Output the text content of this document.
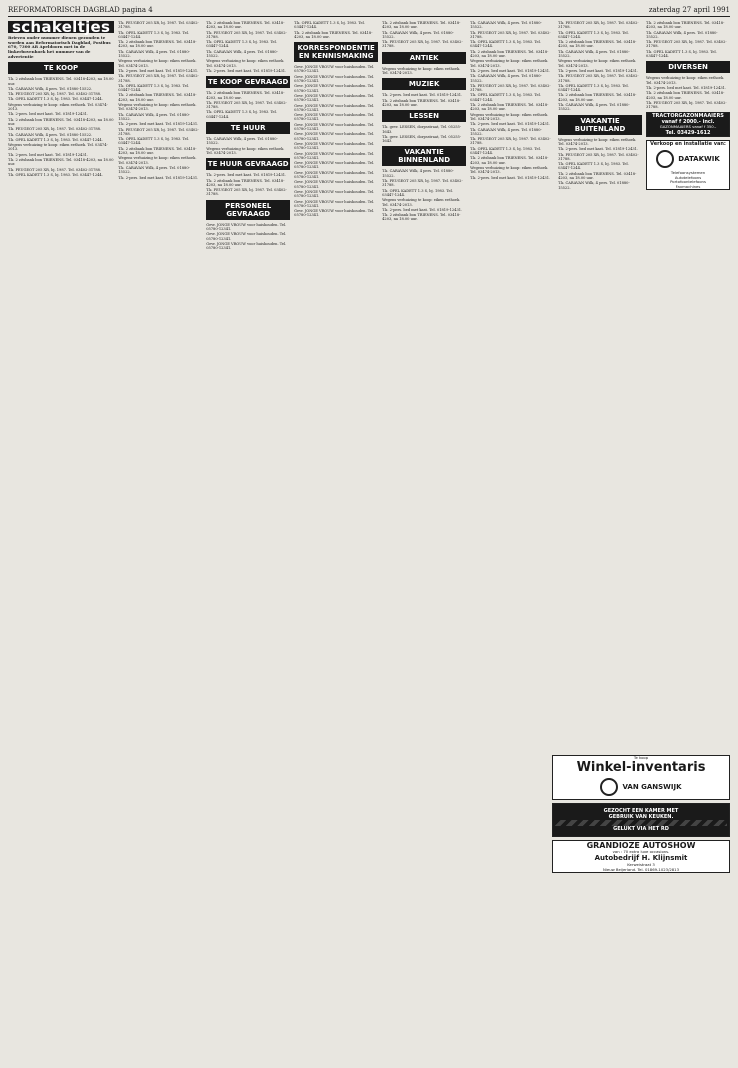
REFORMATORISCH DAGBLAD pagina 4	zaterdag 27 april 1991
schakeltjes
Brieven onder nummer dienen gezonden te worden aan Reformatorisch Dagblad, Postbus 670, 7300 AR Apeldoorn met in de linkerbovenhoek het nummer van de advertentie
TE KOOP

T.k. 2 zitsbank bon TRIENENS. Tel. 03418-4203, na 18.00 uur.

T.k. CARAVAN Wilk, 4 pers. Tel. 01880-15522.

T.k. PEUGEOT 205 XR, bj. 1987. Tel. 03402-31788.

T.k. OPEL KADETT 1.3 S, bj. 1983. Tel. 03447-1244.

Wegens verhuizing te koop: eiken eethoek. Tel. 03474-2013.

T.k. 2-pers. bed met kast. Tel. 01819-12431.

T.k. 2 zitsbank bon TRIENENS. Tel. 03418-4203, na 18.00 uur.

T.k. PEUGEOT 205 XR, bj. 1987. Tel. 03402-31788.

T.k. CARAVAN Wilk, 4 pers. Tel. 01880-15522.

T.k. OPEL KADETT 1.3 S, bj. 1983. Tel. 03447-1244.

Wegens verhuizing te koop: eiken eethoek. Tel. 03474-2013.

T.k. 2-pers. bed met kast. Tel. 01819-12431.

T.k. 2 zitsbank bon TRIENENS. Tel. 03418-4203, na 18.00 uur.

T.k. PEUGEOT 205 XR, bj. 1987. Tel. 03402-31788.

T.k. OPEL KADETT 1.3 S, bj. 1983. Tel. 03447-1244.

T.k. PEUGEOT 205 XR, bj. 1987. Tel. 03402-31788.

T.k. OPEL KADETT 1.3 S, bj. 1983. Tel. 03447-1244.

T.k. 2 zitsbank bon TRIENENS. Tel. 03418-4203, na 18.00 uur.

T.k. CARAVAN Wilk, 4 pers. Tel. 01880-15522.

Wegens verhuizing te koop: eiken eethoek. Tel. 03474-2013.

T.k. 2-pers. bed met kast. Tel. 01819-12431.

T.k. PEUGEOT 205 XR, bj. 1987. Tel. 03402-31788.

T.k. OPEL KADETT 1.3 S, bj. 1983. Tel. 03447-1244.

T.k. 2 zitsbank bon TRIENENS. Tel. 03418-4203, na 18.00 uur.

Wegens verhuizing te koop: eiken eethoek. Tel. 03474-2013.

T.k. CARAVAN Wilk, 4 pers. Tel. 01880-15522.

T.k. 2-pers. bed met kast. Tel. 01819-12431.

T.k. PEUGEOT 205 XR, bj. 1987. Tel. 03402-31788.

T.k. OPEL KADETT 1.3 S, bj. 1983. Tel. 03447-1244.

T.k. 2 zitsbank bon TRIENENS. Tel. 03418-4203, na 18.00 uur.

Wegens verhuizing te koop: eiken eethoek. Tel. 03474-2013.

T.k. CARAVAN Wilk, 4 pers. Tel. 01880-15522.

T.k. 2-pers. bed met kast. Tel. 01819-12431.

T.k. 2 zitsbank bon TRIENENS. Tel. 03418-4203, na 18.00 uur.

T.k. PEUGEOT 205 XR, bj. 1987. Tel. 03402-31788.

T.k. OPEL KADETT 1.3 S, bj. 1983. Tel. 03447-1244.

T.k. CARAVAN Wilk, 4 pers. Tel. 01880-15522.

Wegens verhuizing te koop: eiken eethoek. Tel. 03474-2013.

T.k. 2-pers. bed met kast. Tel. 01819-12431.

TE KOOP GEVRAAGD

T.k. 2 zitsbank bon TRIENENS. Tel. 03418-4203, na 18.00 uur.

T.k. PEUGEOT 205 XR, bj. 1987. Tel. 03402-31788.

T.k. OPEL KADETT 1.3 S, bj. 1983. Tel. 03447-1244.

TE HUUR

T.k. CARAVAN Wilk, 4 pers. Tel. 01880-15522.

Wegens verhuizing te koop: eiken eethoek. Tel. 03474-2013.

TE HUUR GEVRAAGD

T.k. 2-pers. bed met kast. Tel. 01819-12431.

T.k. 2 zitsbank bon TRIENENS. Tel. 03418-4203, na 18.00 uur.

T.k. PEUGEOT 205 XR, bj. 1987. Tel. 03402-31788.

PERSONEEL GEVRAAGD

Gevr. JONGE VROUW voor huishouden. Tel. 05780-12341.

Gevr. JONGE VROUW voor huishouden. Tel. 05780-12341.

Gevr. JONGE VROUW voor huishouden. Tel. 05780-12341.

T.k. OPEL KADETT 1.3 S, bj. 1983. Tel. 03447-1244.

T.k. 2 zitsbank bon TRIENENS. Tel. 03418-4203, na 18.00 uur.

KORRESPONDENTIE EN KENNISMAKING

Gevr. JONGE VROUW voor huishouden. Tel. 05780-12341.

Gevr. JONGE VROUW voor huishouden. Tel. 05780-12341.

Gevr. JONGE VROUW voor huishouden. Tel. 05780-12341.

Gevr. JONGE VROUW voor huishouden. Tel. 05780-12341.

Gevr. JONGE VROUW voor huishouden. Tel. 05780-12341.

Gevr. JONGE VROUW voor huishouden. Tel. 05780-12341.

Gevr. JONGE VROUW voor huishouden. Tel. 05780-12341.

Gevr. JONGE VROUW voor huishouden. Tel. 05780-12341.

Gevr. JONGE VROUW voor huishouden. Tel. 05780-12341.

Gevr. JONGE VROUW voor huishouden. Tel. 05780-12341.

Gevr. JONGE VROUW voor huishouden. Tel. 05780-12341.

Gevr. JONGE VROUW voor huishouden. Tel. 05780-12341.

Gevr. JONGE VROUW voor huishouden. Tel. 05780-12341.

Gevr. JONGE VROUW voor huishouden. Tel. 05780-12341.

Gevr. JONGE VROUW voor huishouden. Tel. 05780-12341.

Gevr. JONGE VROUW voor huishouden. Tel. 05780-12341.

T.k. 2 zitsbank bon TRIENENS. Tel. 03418-4203, na 18.00 uur.

T.k. CARAVAN Wilk, 4 pers. Tel. 01880-15522.

T.k. PEUGEOT 205 XR, bj. 1987. Tel. 03402-31788.

ANTIEK

Wegens verhuizing te koop: eiken eethoek. Tel. 03474-2013.

MUZIEK

T.k. 2-pers. bed met kast. Tel. 01819-12431.

T.k. 2 zitsbank bon TRIENENS. Tel. 03418-4203, na 18.00 uur.

LESSEN

T.k. gevr. LESSEN, dorpsstraat, Tel. 05255-1643.

T.k. gevr. LESSEN, dorpsstraat, Tel. 05255-1643.

VAKANTIE BINNENLAND

T.k. CARAVAN Wilk, 4 pers. Tel. 01880-15522.

T.k. PEUGEOT 205 XR, bj. 1987. Tel. 03402-31788.

T.k. OPEL KADETT 1.3 S, bj. 1983. Tel. 03447-1244.

Wegens verhuizing te koop: eiken eethoek. Tel. 03474-2013.

T.k. 2-pers. bed met kast. Tel. 01819-12431.

T.k. 2 zitsbank bon TRIENENS. Tel. 03418-4203, na 18.00 uur.

T.k. CARAVAN Wilk, 4 pers. Tel. 01880-15522.

T.k. PEUGEOT 205 XR, bj. 1987. Tel. 03402-31788.

T.k. OPEL KADETT 1.3 S, bj. 1983. Tel. 03447-1244.

T.k. 2 zitsbank bon TRIENENS. Tel. 03418-4203, na 18.00 uur.

Wegens verhuizing te koop: eiken eethoek. Tel. 03474-2013.

T.k. 2-pers. bed met kast. Tel. 01819-12431.

T.k. CARAVAN Wilk, 4 pers. Tel. 01880-15522.

T.k. PEUGEOT 205 XR, bj. 1987. Tel. 03402-31788.

T.k. OPEL KADETT 1.3 S, bj. 1983. Tel. 03447-1244.

T.k. 2 zitsbank bon TRIENENS. Tel. 03418-4203, na 18.00 uur.

Wegens verhuizing te koop: eiken eethoek. Tel. 03474-2013.

T.k. 2-pers. bed met kast. Tel. 01819-12431.

T.k. CARAVAN Wilk, 4 pers. Tel. 01880-15522.

T.k. PEUGEOT 205 XR, bj. 1987. Tel. 03402-31788.

T.k. OPEL KADETT 1.3 S, bj. 1983. Tel. 03447-1244.

T.k. 2 zitsbank bon TRIENENS. Tel. 03418-4203, na 18.00 uur.

Wegens verhuizing te koop: eiken eethoek. Tel. 03474-2013.

T.k. 2-pers. bed met kast. Tel. 01819-12431.

T.k. PEUGEOT 205 XR, bj. 1987. Tel. 03402-31788.

T.k. OPEL KADETT 1.3 S, bj. 1983. Tel. 03447-1244.

T.k. 2 zitsbank bon TRIENENS. Tel. 03418-4203, na 18.00 uur.

T.k. CARAVAN Wilk, 4 pers. Tel. 01880-15522.

Wegens verhuizing te koop: eiken eethoek. Tel. 03474-2013.

T.k. 2-pers. bed met kast. Tel. 01819-12431.

T.k. PEUGEOT 205 XR, bj. 1987. Tel. 03402-31788.

T.k. OPEL KADETT 1.3 S, bj. 1983. Tel. 03447-1244.

T.k. 2 zitsbank bon TRIENENS. Tel. 03418-4203, na 18.00 uur.

T.k. CARAVAN Wilk, 4 pers. Tel. 01880-15522.

VAKANTIE BUITENLAND

Wegens verhuizing te koop: eiken eethoek. Tel. 03474-2013.

T.k. 2-pers. bed met kast. Tel. 01819-12431.

T.k. PEUGEOT 205 XR, bj. 1987. Tel. 03402-31788.

T.k. OPEL KADETT 1.3 S, bj. 1983. Tel. 03447-1244.

T.k. 2 zitsbank bon TRIENENS. Tel. 03418-4203, na 18.00 uur.

T.k. CARAVAN Wilk, 4 pers. Tel. 01880-15522.

T.k. 2 zitsbank bon TRIENENS. Tel. 03418-4203, na 18.00 uur.

T.k. CARAVAN Wilk, 4 pers. Tel. 01880-15522.

T.k. PEUGEOT 205 XR, bj. 1987. Tel. 03402-31788.

T.k. OPEL KADETT 1.3 S, bj. 1983. Tel. 03447-1244.

DIVERSEN

Wegens verhuizing te koop: eiken eethoek. Tel. 03474-2013.

T.k. 2-pers. bed met kast. Tel. 01819-12431.

T.k. 2 zitsbank bon TRIENENS. Tel. 03418-4203, na 18.00 uur.

T.k. PEUGEOT 205 XR, bj. 1987. Tel. 03402-31788.

TRACTORGAZONMAAIERS
vanaf f 2000.- incl.
GAZONMAAIERS vanaf f 350.-
Tel. 03429-1612
Verkoop en installatie van:
DATAKWIK
Telefoonsystemen
Autotelefoons
Portofoontelefoons
Faxmachines
Te koop
Winkel-inventaris
VAN GANSWIJK
GEZOCHT EEN KAMER MET
GEBRUIK VAN KEUKEN.
GELUKT VIA HET RD
GRANDIOZE AUTOSHOW
van : 70 extra luxe occasions.
Autobedrijf H. Klijnsmit
Kerweistraat 3
Nieuw Beijerland. Tel. 01869-1023/2813
